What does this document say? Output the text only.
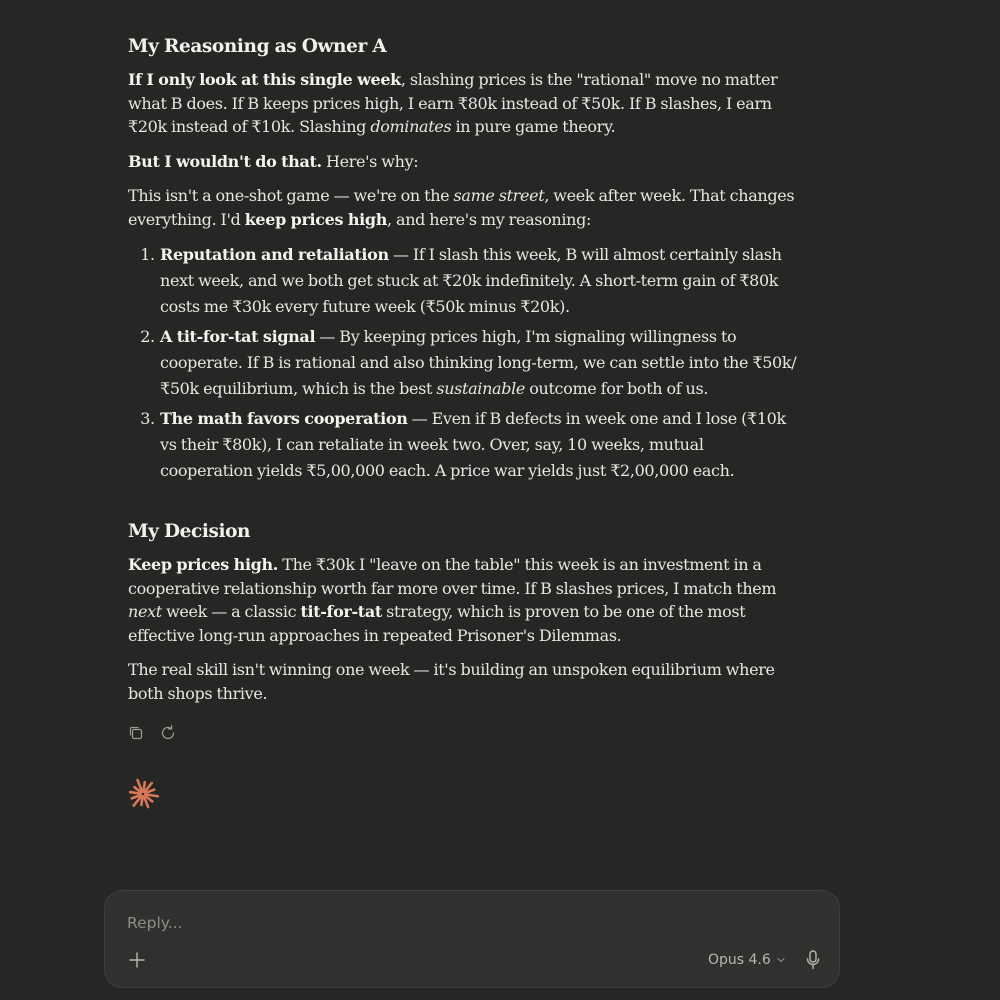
My Reasoning as Owner A

If I only look at this single week, slashing prices is the "rational" move no matter what B does. If B keeps prices high, I earn ₹80k instead of ₹50k. If B slashes, I earn ₹20k instead of ₹10k. Slashing dominates in pure game theory.

But I wouldn't do that. Here's why:

This isn't a one-shot game — we're on the same street, week after week. That changes everything. I'd keep prices high, and here's my reasoning:

1. Reputation and retaliation — If I slash this week, B will almost certainly slash next week, and we both get stuck at ₹20k indefinitely. A short-term gain of ₹80k costs me ₹30k every future week (₹50k minus ₹20k).
2. A tit-for-tat signal — By keeping prices high, I'm signaling willingness to cooperate. If B is rational and also thinking long-term, we can settle into the ₹50k/₹50k equilibrium, which is the best sustainable outcome for both of us.
3. The math favors cooperation — Even if B defects in week one and I lose (₹10k vs their ₹80k), I can retaliate in week two. Over, say, 10 weeks, mutual cooperation yields ₹5,00,000 each. A price war yields just ₹2,00,000 each.
My Decision

Keep prices high. The ₹30k I "leave on the table" this week is an investment in a cooperative relationship worth far more over time. If B slashes prices, I match them next week — a classic tit-for-tat strategy, which is proven to be one of the most effective long-run approaches in repeated Prisoner's Dilemmas.

The real skill isn't winning one week — it's building an unspoken equilibrium where both shops thrive.

Reply...
Opus 4.6
